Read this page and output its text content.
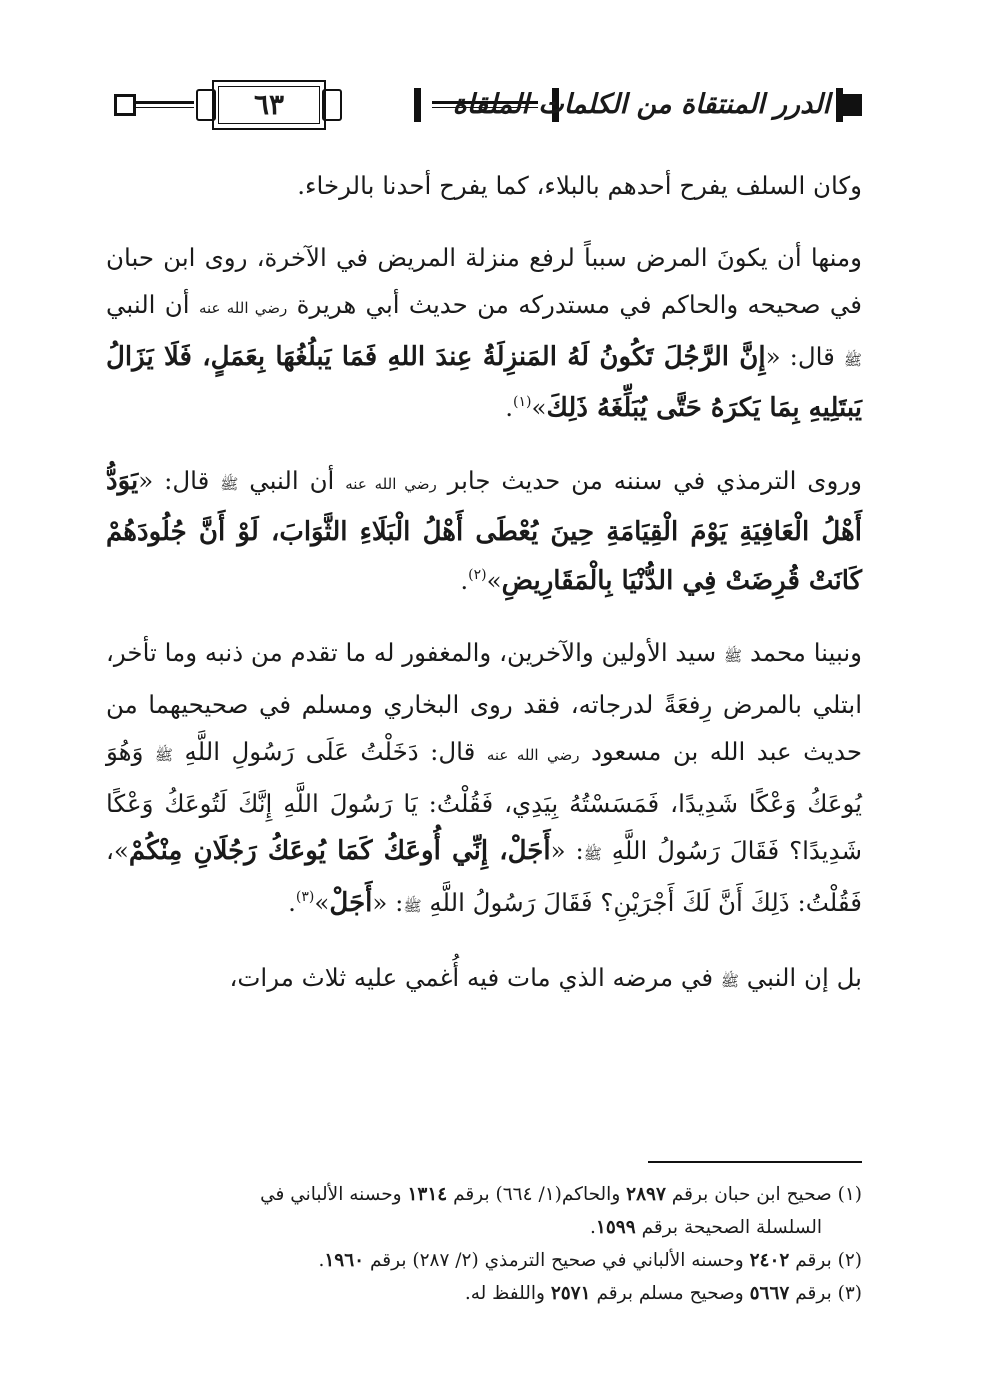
٦٣	الدرر المنتقاة من الكلمات الملقاة

وكان السلف يفرح أحدهم بالبلاء، كما يفرح أحدنا بالرخاء.

ومنها أن يكونَ المرض سبباً لرفع منزلة المريض في الآخرة، روى ابن حبان في صحيحه والحاكم في مستدركه من حديث أبي هريرة رضي الله عنه أن النبي ﷺ قال: «إِنَّ الرَّجُلَ تَكُونُ لَهُ المَنزِلَةُ عِندَ اللهِ فَمَا يَبلُغُهَا بِعَمَلٍ، فَلَا يَزَالُ يَبتَلِيهِ بِمَا يَكرَهُ حَتَّى يُبَلِّغَهُ ذَلِكَ»$^{(١)}$.

وروى الترمذي في سننه من حديث جابر رضي الله عنه أن النبي ﷺ قال: «يَوَدُّ أَهْلُ الْعَافِيَةِ يَوْمَ الْقِيَامَةِ حِينَ يُعْطَى أَهْلُ الْبَلَاءِ الثَّوَابَ، لَوْ أَنَّ جُلُودَهُمْ كَانَتْ قُرِضَتْ فِي الدُّنْيَا بِالْمَقَارِيضِ»$^{(٢)}$.

ونبينا محمد ﷺ سيد الأولين والآخرين، والمغفور له ما تقدم من ذنبه وما تأخر، ابتلي بالمرض رِفعَةً لدرجاته، فقد روى البخاري ومسلم في صحيحيهما من حديث عبد الله بن مسعود رضي الله عنه قال: دَخَلْتُ عَلَى رَسُولِ اللَّهِ ﷺ وَهُوَ يُوعَكُ وَعْكًا شَدِيدًا، فَمَسَسْتُهُ بِيَدِي، فَقُلْتُ: يَا رَسُولَ اللَّهِ إِنَّكَ لَتُوعَكُ وَعْكًا شَدِيدًا؟ فَقَالَ رَسُولُ اللَّهِ ﷺ: «أَجَلْ، إِنِّي أُوعَكُ كَمَا يُوعَكُ رَجُلَانِ مِنْكُمْ»، فَقُلْتُ: ذَلِكَ أَنَّ لَكَ أَجْرَيْنِ؟ فَقَالَ رَسُولُ اللَّهِ ﷺ: «أَجَلْ»$^{(٣)}$.

بل إن النبي ﷺ في مرضه الذي مات فيه أُغمي عليه ثلاث مرات،

(١) صحيح ابن حبان برقم ٢٨٩٧ والحاكم(١/ ٦٦٤) برقم ١٣١٤ وحسنه الألباني في

السلسلة الصحيحة برقم ١٥٩٩.

(٢) برقم ٢٤٠٢ وحسنه الألباني في صحيح الترمذي (٢/ ٢٨٧) برقم ١٩٦٠.

(٣) برقم ٥٦٦٧ وصحيح مسلم برقم ٢٥٧١ واللفظ له.
